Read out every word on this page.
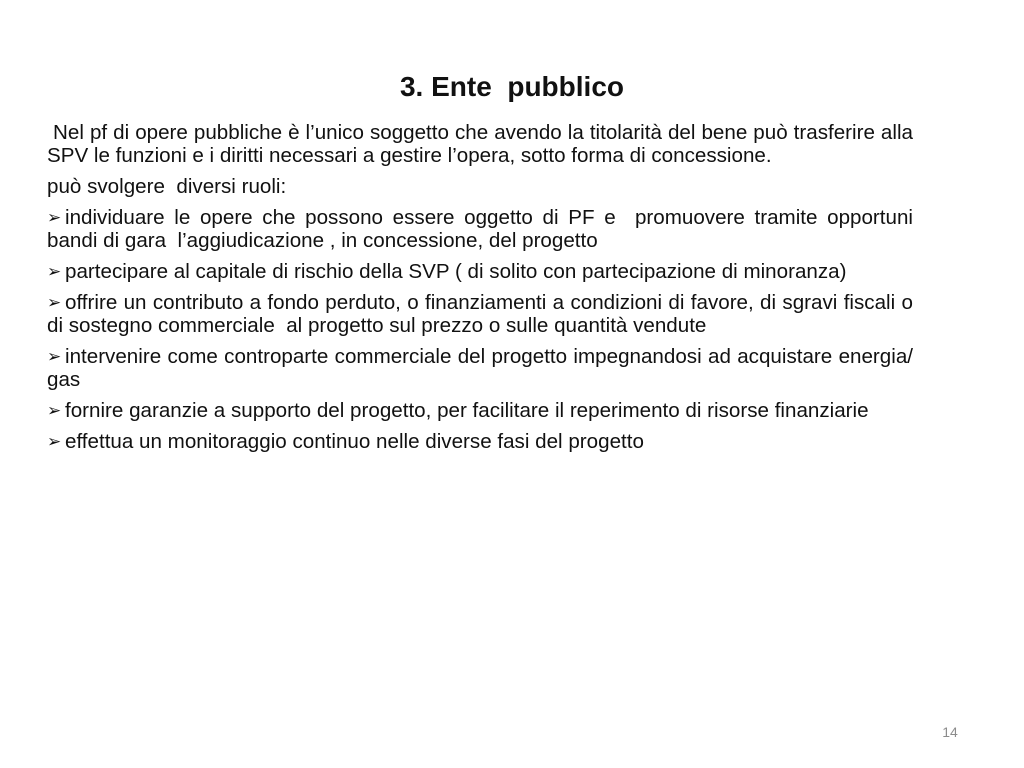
3. Ente  pubblico

Nel pf di opere pubbliche è l’unico soggetto che avendo la titolarità del bene può trasferire alla SPV le funzioni e i diritti necessari a gestire l’opera, sotto forma di concessione.

può svolgere  diversi ruoli:

➢ individuare le opere che possono essere oggetto di PF e  promuovere tramite opportuni bandi di gara  l’aggiudicazione , in concessione, del progetto

➢ partecipare al capitale di rischio della SVP ( di solito con partecipazione di minoranza)

➢ offrire un contributo a fondo perduto, o finanziamenti a condizioni di favore, di sgravi fiscali o di sostegno commerciale  al progetto sul prezzo o sulle quantità vendute

➢ intervenire come controparte commerciale del progetto impegnandosi ad acquistare energia/ gas

➢ fornire garanzie a supporto del progetto, per facilitare il reperimento di risorse finanziarie

➢ effettua un monitoraggio continuo nelle diverse fasi del progetto

14
